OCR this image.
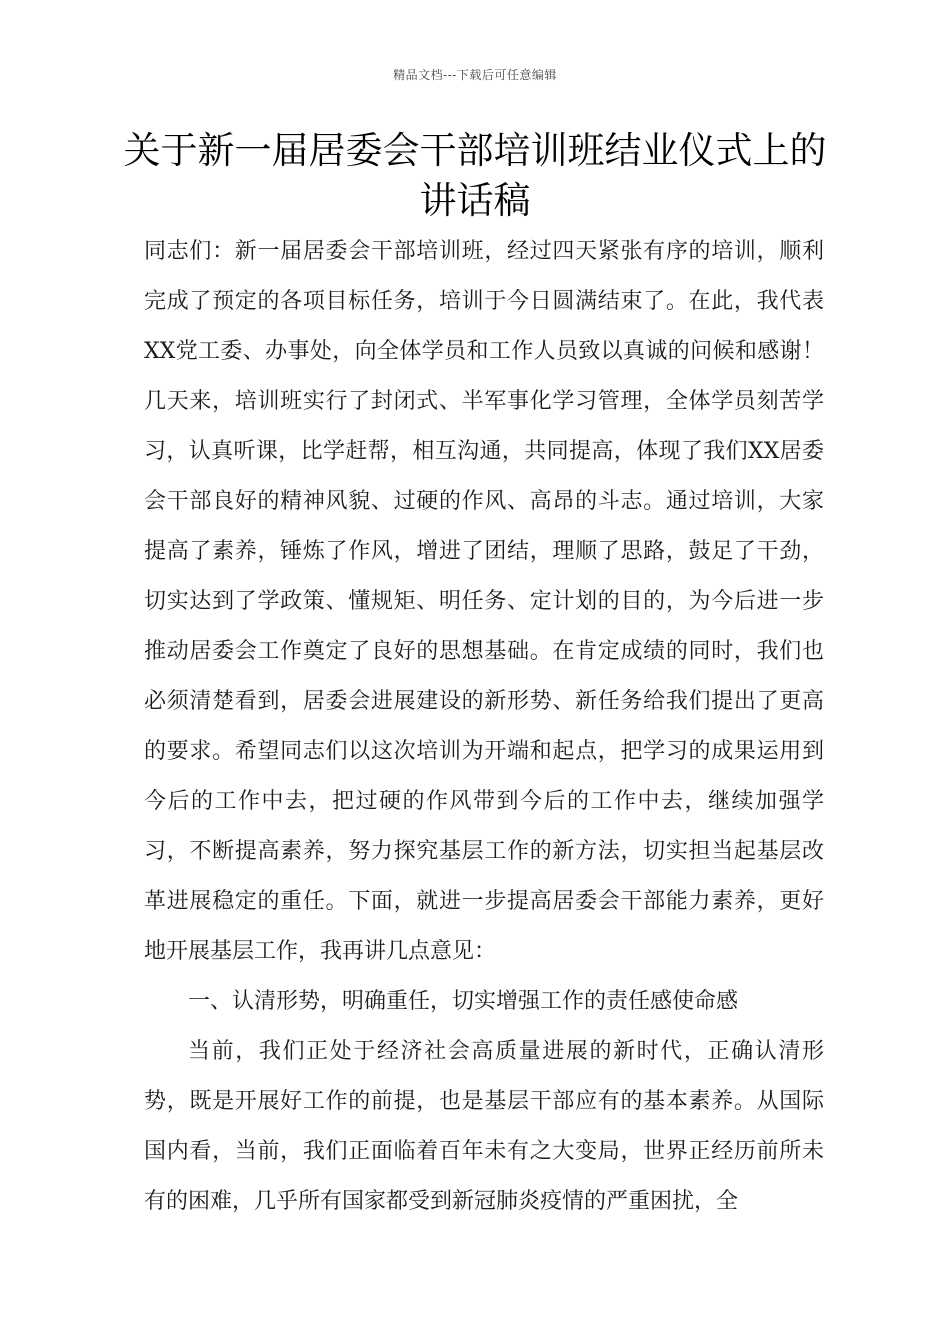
精品文档---下载后可任意编辑
关于新一届居委会干部培训班结业仪式上的讲话稿

同志们：新一届居委会干部培训班，经过四天紧张有序的培训，顺利完成了预定的各项目标任务，培训于今日圆满结束了。在此，我代表XX党工委、办事处，向全体学员和工作人员致以真诚的问候和感谢！几天来，培训班实行了封闭式、半军事化学习管理，全体学员刻苦学习，认真听课，比学赶帮，相互沟通，共同提高，体现了我们XX居委会干部良好的精神风貌、过硬的作风、高昂的斗志。通过培训，大家提高了素养，锤炼了作风，增进了团结，理顺了思路，鼓足了干劲，切实达到了学政策、懂规矩、明任务、定计划的目的，为今后进一步推动居委会工作奠定了良好的思想基础。在肯定成绩的同时，我们也必须清楚看到，居委会进展建设的新形势、新任务给我们提出了更高的要求。希望同志们以这次培训为开端和起点，把学习的成果运用到今后的工作中去，把过硬的作风带到今后的工作中去，继续加强学习，不断提高素养，努力探究基层工作的新方法，切实担当起基层改革进展稳定的重任。下面，就进一步提高居委会干部能力素养，更好地开展基层工作，我再讲几点意见：

一、认清形势，明确重任，切实增强工作的责任感使命感

当前，我们正处于经济社会高质量进展的新时代，正确认清形势，既是开展好工作的前提，也是基层干部应有的基本素养。从国际国内看，当前，我们正面临着百年未有之大变局，世界正经历前所未有的困难，几乎所有国家都受到新冠肺炎疫情的严重困扰，全
